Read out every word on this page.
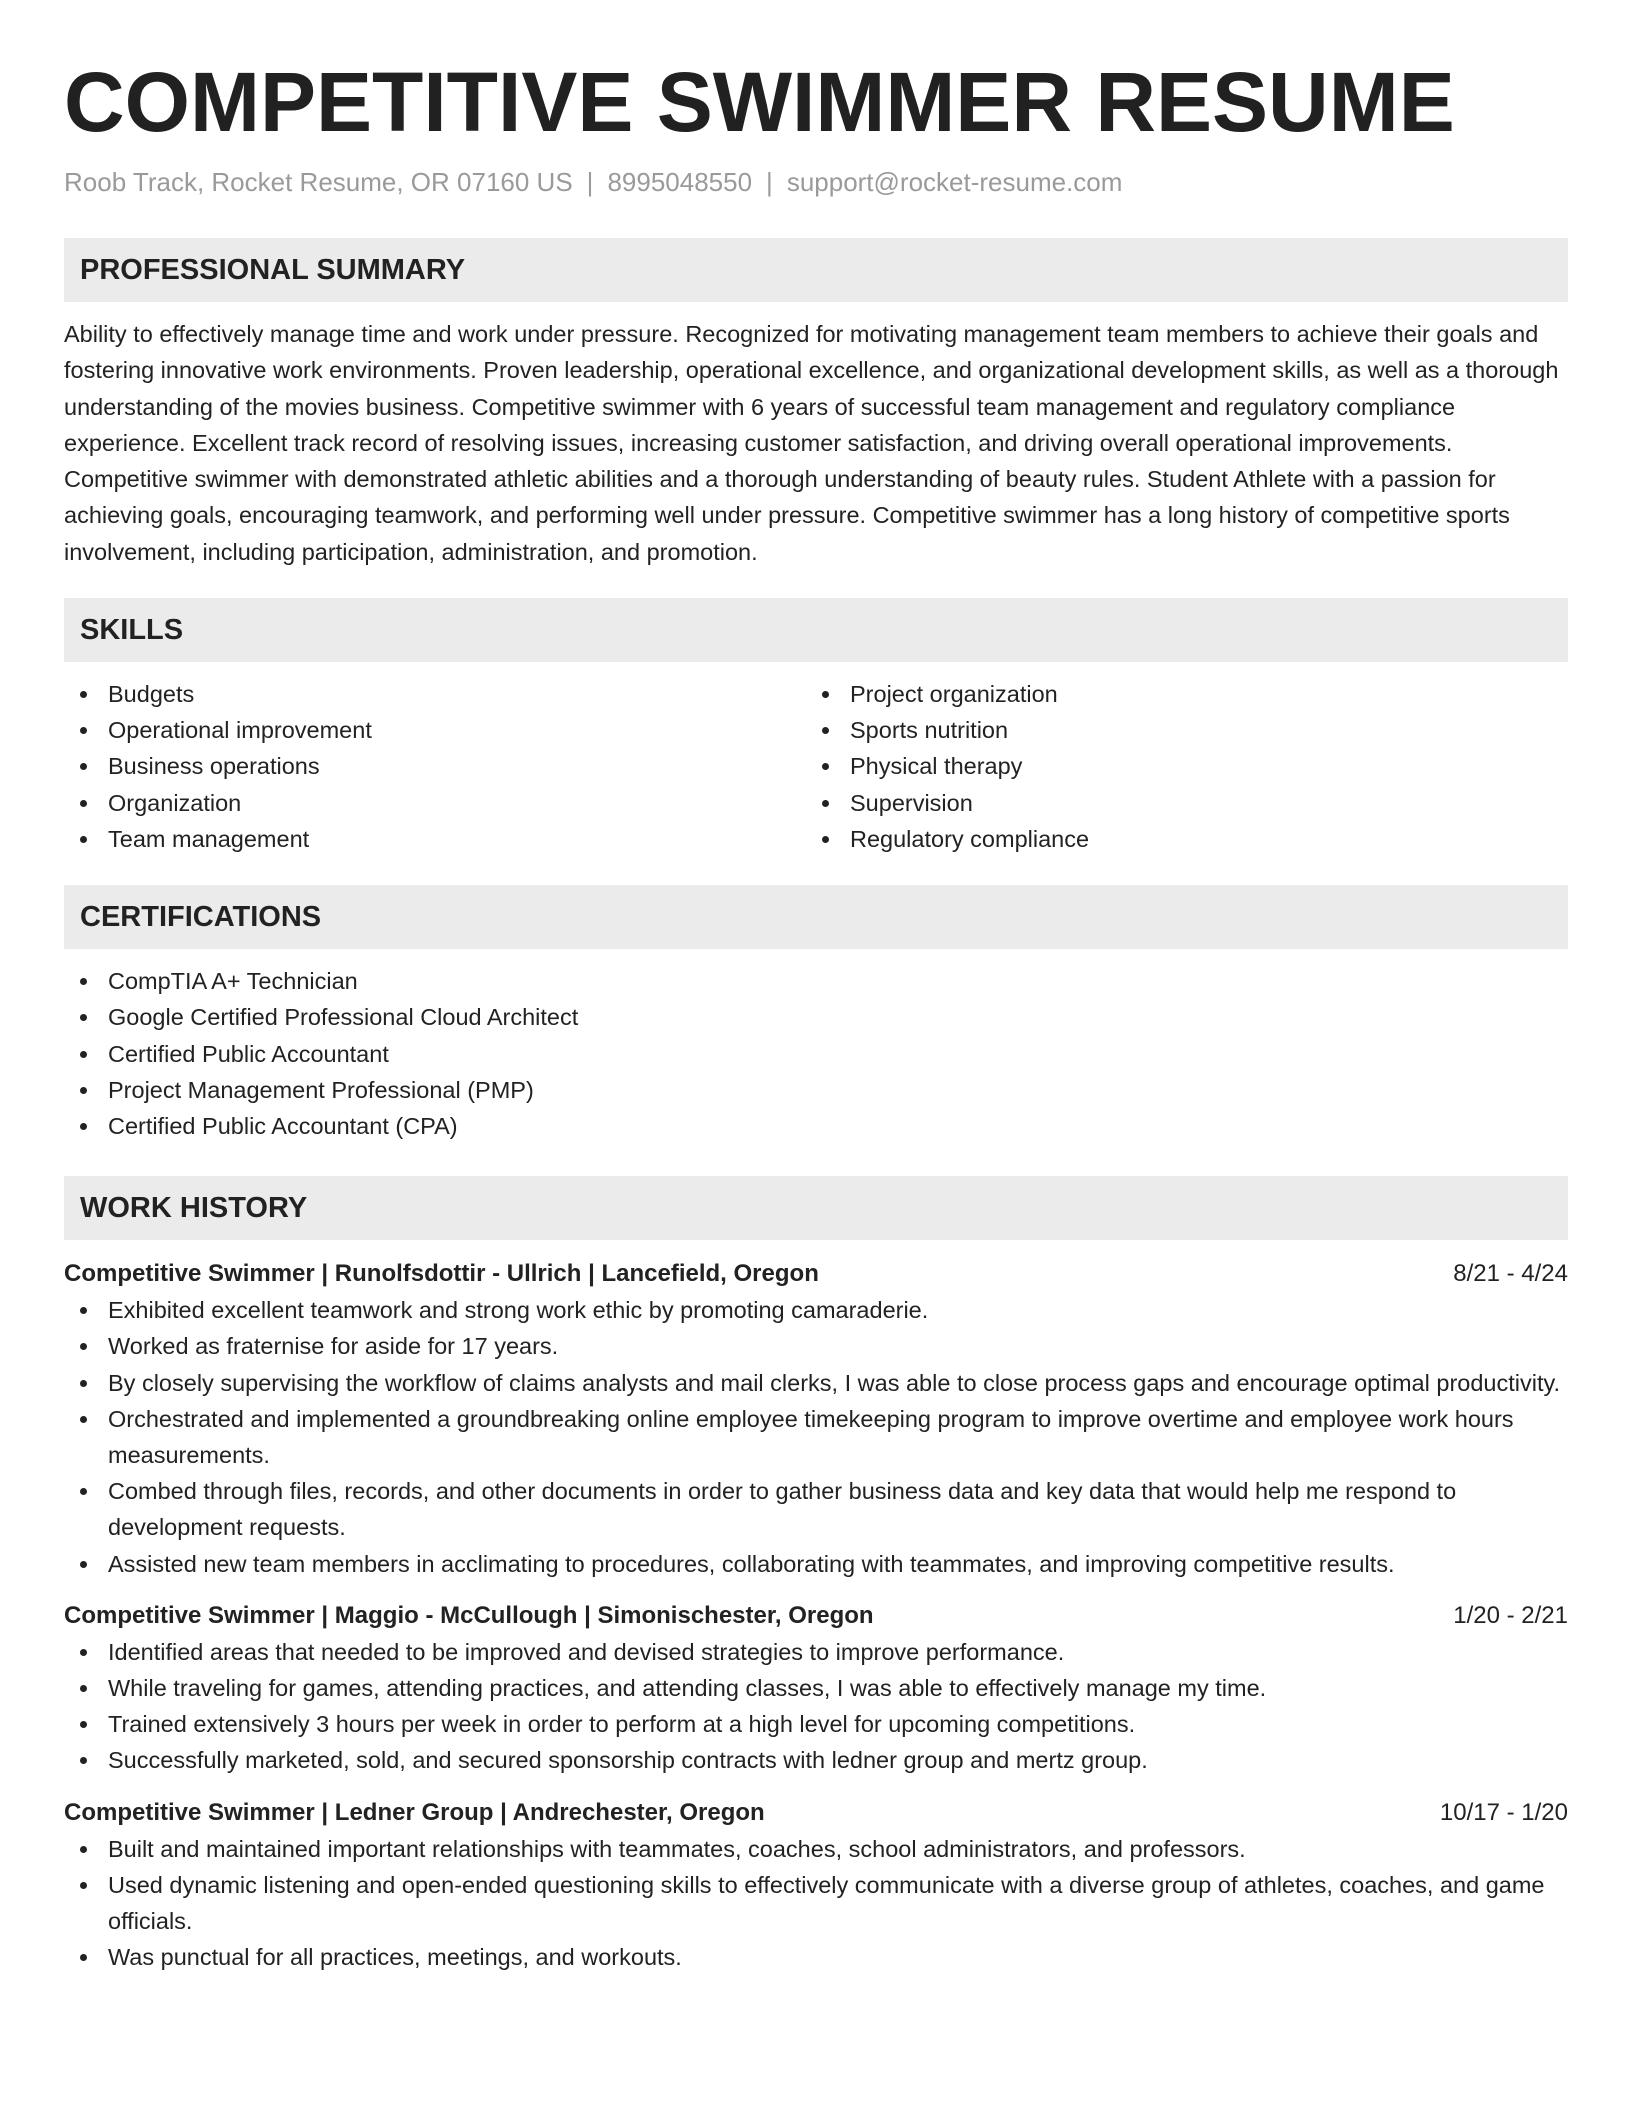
COMPETITIVE SWIMMER RESUME
Roob Track, Rocket Resume, OR 07160 US | 8995048550 | support@rocket-resume.com
PROFESSIONAL SUMMARY

Ability to effectively manage time and work under pressure. Recognized for motivating management team members to achieve their goals and fostering innovative work environments. Proven leadership, operational excellence, and organizational development skills, as well as a thorough understanding of the movies business. Competitive swimmer with 6 years of successful team management and regulatory compliance experience. Excellent track record of resolving issues, increasing customer satisfaction, and driving overall operational improvements. Competitive swimmer with demonstrated athletic abilities and a thorough understanding of beauty rules. Student Athlete with a passion for achieving goals, encouraging teamwork, and performing well under pressure. Competitive swimmer has a long history of competitive sports involvement, including participation, administration, and promotion.

SKILLS
Budgets
Operational improvement
Business operations
Organization
Team management
Project organization
Sports nutrition
Physical therapy
Supervision
Regulatory compliance
CERTIFICATIONS
CompTIA A+ Technician
Google Certified Professional Cloud Architect
Certified Public Accountant
Project Management Professional (PMP)
Certified Public Accountant (CPA)
WORK HISTORY
Competitive Swimmer | Runolfsdottir - Ullrich | Lancefield, Oregon	8/21 - 4/24
Exhibited excellent teamwork and strong work ethic by promoting camaraderie.
Worked as fraternise for aside for 17 years.
By closely supervising the workflow of claims analysts and mail clerks, I was able to close process gaps and encourage optimal productivity.
Orchestrated and implemented a groundbreaking online employee timekeeping program to improve overtime and employee work hours measurements.
Combed through files, records, and other documents in order to gather business data and key data that would help me respond to development requests.
Assisted new team members in acclimating to procedures, collaborating with teammates, and improving competitive results.
Competitive Swimmer | Maggio - McCullough | Simonischester, Oregon	1/20 - 2/21
Identified areas that needed to be improved and devised strategies to improve performance.
While traveling for games, attending practices, and attending classes, I was able to effectively manage my time.
Trained extensively 3 hours per week in order to perform at a high level for upcoming competitions.
Successfully marketed, sold, and secured sponsorship contracts with ledner group and mertz group.
Competitive Swimmer | Ledner Group | Andrechester, Oregon	10/17 - 1/20
Built and maintained important relationships with teammates, coaches, school administrators, and professors.
Used dynamic listening and open-ended questioning skills to effectively communicate with a diverse group of athletes, coaches, and game officials.
Was punctual for all practices, meetings, and workouts.
